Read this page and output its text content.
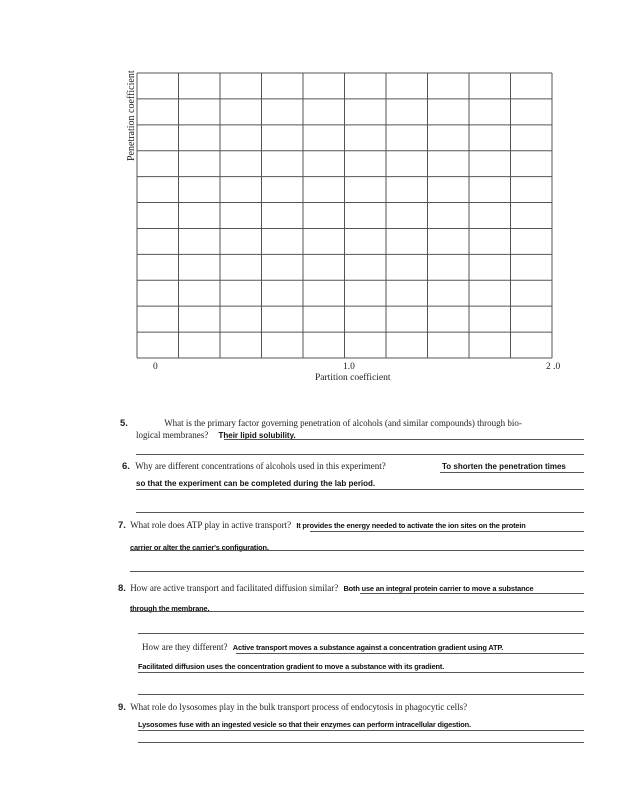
Penetration coefficient
0	1.0	2 .0
Partition coefficient
5.	What is the primary factor governing penetration of alcohols (and similar compounds) through bio-
logical membranes? Their lipid solubility.
6. Why are different concentrations of alcohols used in this experiment?	To shorten the penetration times
so that the experiment can be completed during the lab period.
7. What role does ATP play in active transport? It provides the energy needed to activate the ion sites on the protein
carrier or alter the carrier's configuration.
8. How are active transport and facilitated diffusion similar? Both use an integral protein carrier to move a substance
through the membrane.
How are they different? Active transport moves a substance against a concentration gradient using ATP.
Facilitated diffusion uses the concentration gradient to move a substance with its gradient.
9. What role do lysosomes play in the bulk transport process of endocytosis in phagocytic cells?
Lysosomes fuse with an ingested vesicle so that their enzymes can perform intracellular digestion.
